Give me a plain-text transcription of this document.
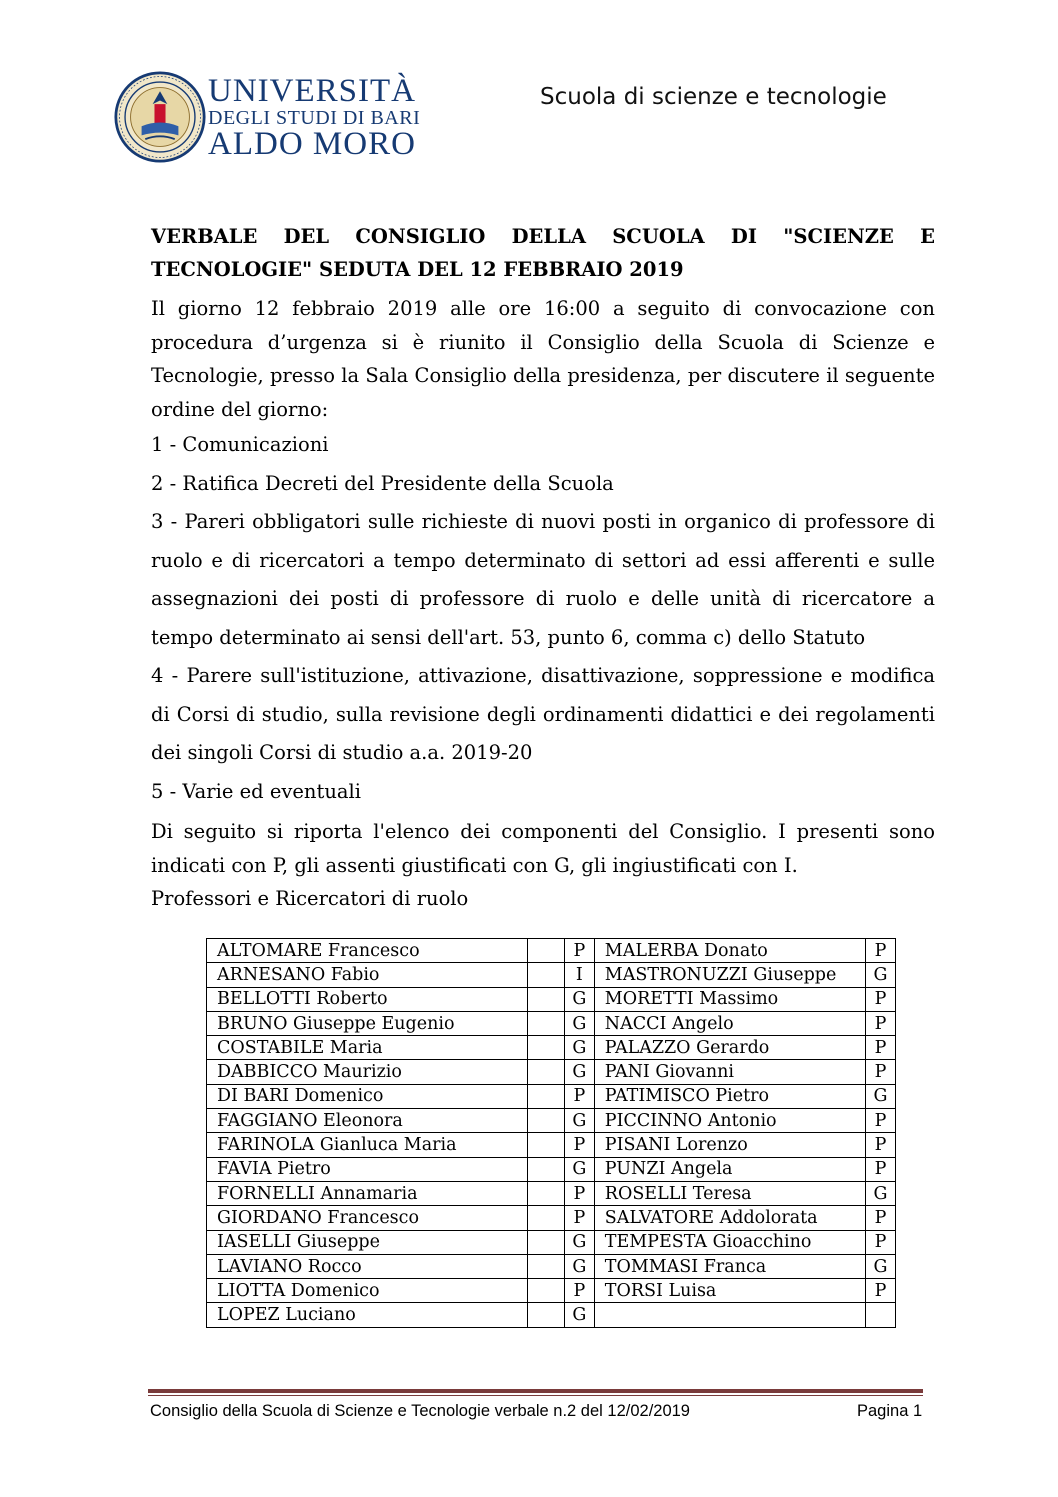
UNIVERSITÀ
DEGLI STUDI DI BARI
ALDO MORO
Scuola di scienze e tecnologie

VERBALE DEL CONSIGLIO DELLA SCUOLA DI "SCIENZE E TECNOLOGIE" SEDUTA DEL 12 FEBBRAIO 2019

Il giorno 12 febbraio 2019 alle ore 16:00 a seguito di convocazione con procedura d’urgenza si è riunito il Consiglio della Scuola di Scienze e Tecnologie, presso la Sala Consiglio della presidenza, per discutere il seguente ordine del giorno:

1 - Comunicazioni

2 - Ratifica Decreti del Presidente della Scuola

3 - Pareri obbligatori sulle richieste di nuovi posti in organico di professore di ruolo e di ricercatori a tempo determinato di settori ad essi afferenti e sulle assegnazioni dei posti di professore di ruolo e delle unità di ricercatore a tempo determinato ai sensi dell'art. 53, punto 6, comma c) dello Statuto

4 - Parere sull'istituzione, attivazione, disattivazione, soppressione e modifica di Corsi di studio, sulla revisione degli ordinamenti didattici e dei regolamenti dei singoli Corsi di studio a.a. 2019-20

5 - Varie ed eventuali

Di seguito si riporta l'elenco dei componenti del Consiglio. I presenti sono indicati con P, gli assenti giustificati con G, gli ingiustificati con I.

Professori e Ricercatori di ruolo

ALTOMARE Francesco		P	MALERBA Donato	P
ARNESANO Fabio		I	MASTRONUZZI Giuseppe	G
BELLOTTI Roberto		G	MORETTI Massimo	P
BRUNO Giuseppe Eugenio		G	NACCI Angelo	P
COSTABILE Maria		G	PALAZZO Gerardo	P
DABBICCO Maurizio		G	PANI Giovanni	P
DI BARI Domenico		P	PATIMISCO Pietro	G
FAGGIANO Eleonora		G	PICCINNO Antonio	P
FARINOLA Gianluca Maria		P	PISANI Lorenzo	P
FAVIA Pietro		G	PUNZI Angela	P
FORNELLI Annamaria		P	ROSELLI Teresa	G
GIORDANO Francesco		P	SALVATORE Addolorata	P
IASELLI Giuseppe		G	TEMPESTA Gioacchino	P
LAVIANO Rocco		G	TOMMASI Franca	G
LIOTTA Domenico		P	TORSI Luisa	P
LOPEZ Luciano		G		
Consiglio della Scuola di Scienze e Tecnologie verbale n.2 del 12/02/2019	Pagina 1
